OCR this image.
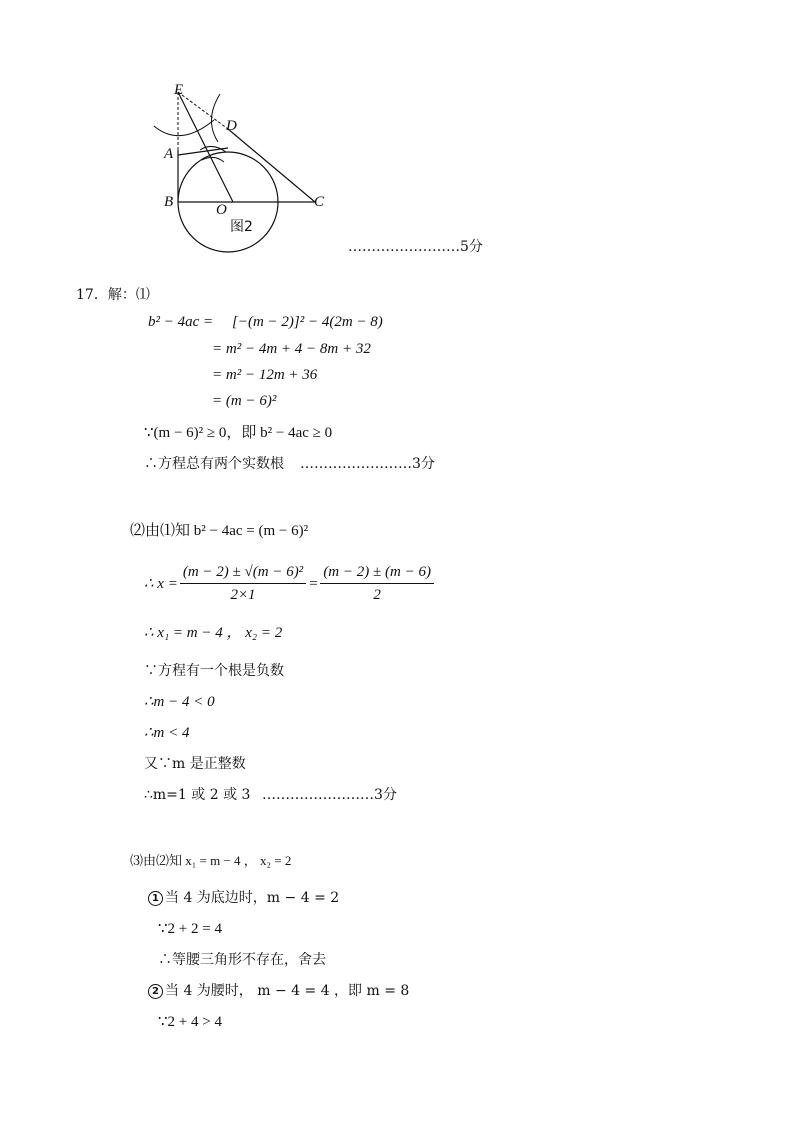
E
D
A
B	O	C
图2
……………………5分
17．解：⑴
b² − 4ac = [−(m − 2)]² − 4(2m − 8)
= m² − 4m + 4 − 8m + 32
= m² − 12m + 36
= (m − 6)²
∵(m − 6)² ≥ 0，即 b² − 4ac ≥ 0
∴方程总有两个实数根 ……………………3分
⑵由⑴知 b² − 4ac = (m − 6)²
∴ $x = \frac{\text{(m − 2) ± √(m − 6)²}}{2\times 1} = \frac{(m - 2) \pm (m - 6)}{2}$
∴ x₁ = m − 4 ， x₂ = 2
∵方程有一个根是负数
∴m − 4 < 0
∴m < 4
又∵m 是正整数
∴m=1 或 2 或 3 ……………………3分
⑶由⑵知 x₁ = m − 4 ， x₂ = 2
1 当 4 为底边时，m − 4 = 2
∵2 + 2 = 4
∴等腰三角形不存在，舍去
2 当 4 为腰时， m − 4 = 4 ，即 m = 8
∵2 + 4 > 4
